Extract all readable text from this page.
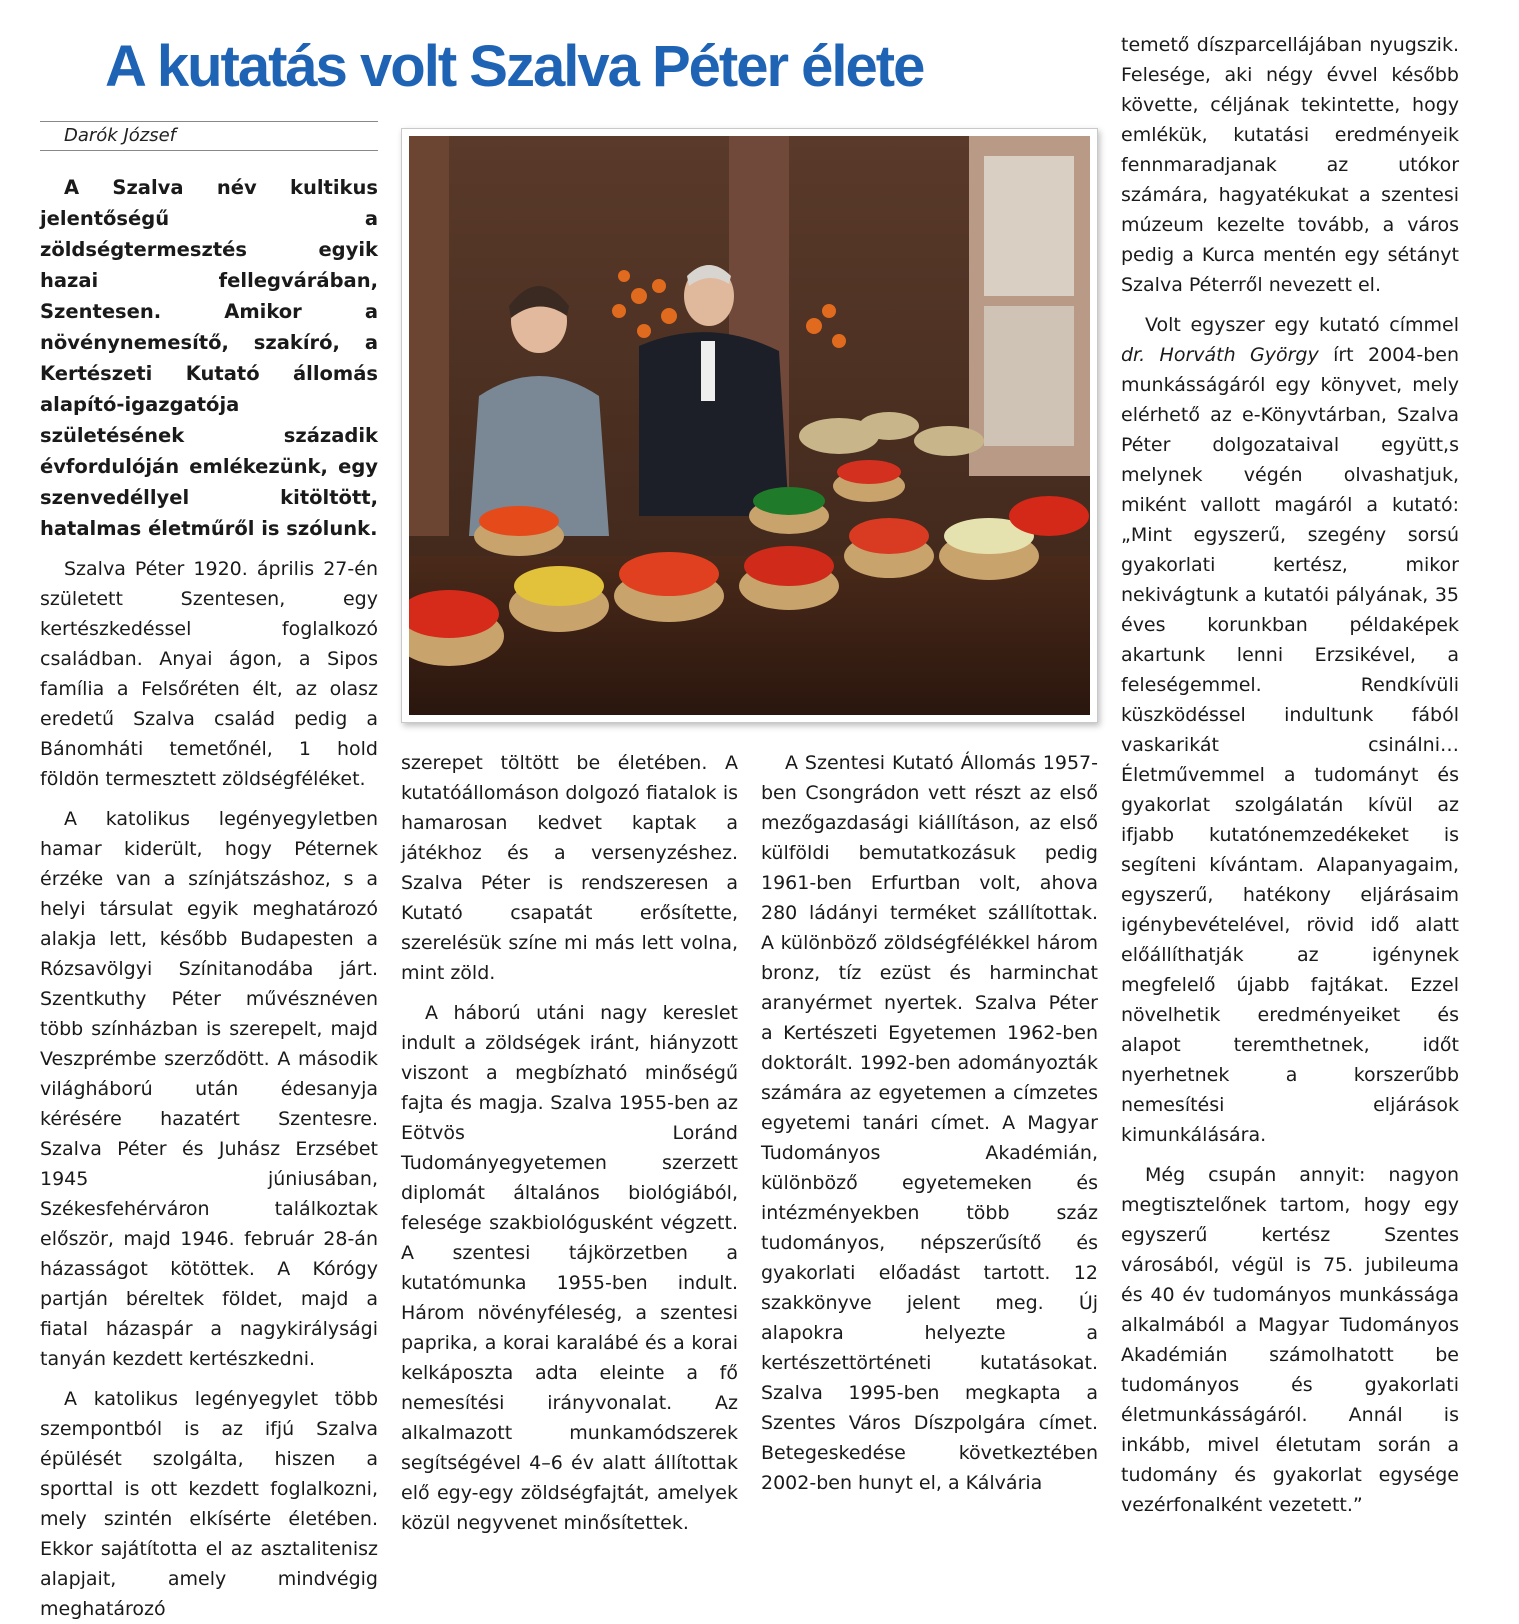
A kutatás volt Szalva Péter élete
Darók József

A Szalva név kultikus jelentőségű a zöldségtermesztés egyik hazai fellegvárában, Szentesen. Amikor a növénynemesítő, szakíró, a Kertészeti Kutató állomás alapító-igazgatója születésének századik évfordulóján emlékezünk, egy szenvedéllyel kitöltött, hatalmas életműről is szólunk.

Szalva Péter 1920. április 27-én született Szentesen, egy kertészkedéssel foglalkozó családban. Anyai ágon, a Sipos família a Felsőréten élt, az olasz eredetű Szalva család pedig a Bánomháti temetőnél, 1 hold földön termesztett zöldségféléket.

A katolikus legényegyletben hamar kiderült, hogy Péternek érzéke van a színjátszáshoz, s a helyi társulat egyik meghatározó alakja lett, később Budapesten a Rózsavölgyi Színitanodába járt. Szentkuthy Péter művésznéven több színházban is szerepelt, majd Veszprémbe szerződött. A második világháború után édesanyja kérésére hazatért Szentesre. Szalva Péter és Juhász Erzsébet 1945 júniusában, Székesfehérváron találkoztak először, majd 1946. február 28-án házasságot kötöttek. A Kórógy partján béreltek földet, majd a fiatal házaspár a nagykirálysági tanyán kezdett kertészkedni.

A katolikus legényegylet több szempontból is az ifjú Szalva épülését szolgálta, hiszen a sporttal is ott kezdett foglalkozni, mely szintén elkísérte életében. Ekkor sajátította el az asztalitenisz alapjait, amely mindvégig meghatározó

szerepet töltött be életében. A kutatóállomáson dolgozó fiatalok is hamarosan kedvet kaptak a játékhoz és a versenyzéshez. Szalva Péter is rendszeresen a Kutató csapatát erősítette, szerelésük színe mi más lett volna, mint zöld.

A háború utáni nagy kereslet indult a zöldségek iránt, hiányzott viszont a megbízható minőségű fajta és magja. Szalva 1955-ben az Eötvös Loránd Tudományegyetemen szerzett diplomát általános biológiából, felesége szakbiológusként végzett. A szentesi tájkörzetben a kutatómunka 1955-ben indult. Három növényféleség, a szentesi paprika, a korai karalábé és a korai kelkáposzta adta eleinte a fő nemesítési irányvonalat. Az alkalmazott munkamódszerek segítségével 4–6 év alatt állítottak elő egy-egy zöldségfajtát, amelyek közül negyvenet minősítettek.

A Szentesi Kutató Állomás 1957-ben Csongrádon vett részt az első mezőgazdasági kiállításon, az első külföldi bemutatkozásuk pedig 1961-ben Erfurtban volt, ahova 280 ládányi terméket szállítottak. A különböző zöldségfélékkel három bronz, tíz ezüst és harminchat aranyérmet nyertek. Szalva Péter a Kertészeti Egyetemen 1962-ben doktorált. 1992-ben adományozták számára az egyetemen a címzetes egyetemi tanári címet. A Magyar Tudományos Akadémián, különböző egyetemeken és intézményekben több száz tudományos, népszerűsítő és gyakorlati előadást tartott. 12 szakkönyve jelent meg. Új alapokra helyezte a kertészettörténeti kutatásokat. Szalva 1995-ben megkapta a Szentes Város Díszpolgára címet. Betegeskedése következtében 2002-ben hunyt el, a Kálvária

temető díszparcellájában nyugszik. Felesége, aki négy évvel később követte, céljának tekintette, hogy emlékük, kutatási eredményeik fennmaradjanak az utókor számára, hagyatékukat a szentesi múzeum kezelte tovább, a város pedig a Kurca mentén egy sétányt Szalva Péterről nevezett el.

Volt egyszer egy kutató címmel dr. Horváth György írt 2004-ben munkásságáról egy könyvet, mely elérhető az e-Könyvtárban, Szalva Péter dolgozataival együtt,s melynek végén olvashatjuk, miként vallott magáról a kutató: „Mint egyszerű, szegény sorsú gyakorlati kertész, mikor nekivágtunk a kutatói pályának, 35 éves korunkban példaképek akartunk lenni Erzsikével, a feleségemmel. Rendkívüli küszködéssel indultunk fából vaskarikát csinálni… Életművemmel a tudományt és gyakorlat szolgálatán kívül az ifjabb kutatónemzedékeket is segíteni kívántam. Alapanyagaim, egyszerű, hatékony eljárásaim igénybevételével, rövid idő alatt előállíthatják az igénynek megfelelő újabb fajtákat. Ezzel növelhetik eredményeiket és alapot teremthetnek, időt nyerhetnek a korszerűbb nemesítési eljárások kimunkálására.

Még csupán annyit: nagyon megtisztelőnek tartom, hogy egy egyszerű kertész Szentes városából, végül is 75. jubileuma és 40 év tudományos munkássága alkalmából a Magyar Tudományos Akadémián számolhatott be tudományos és gyakorlati életmunkásságáról. Annál is inkább, mivel életutam során a tudomány és gyakorlat egysége vezérfonalként vezetett.”
